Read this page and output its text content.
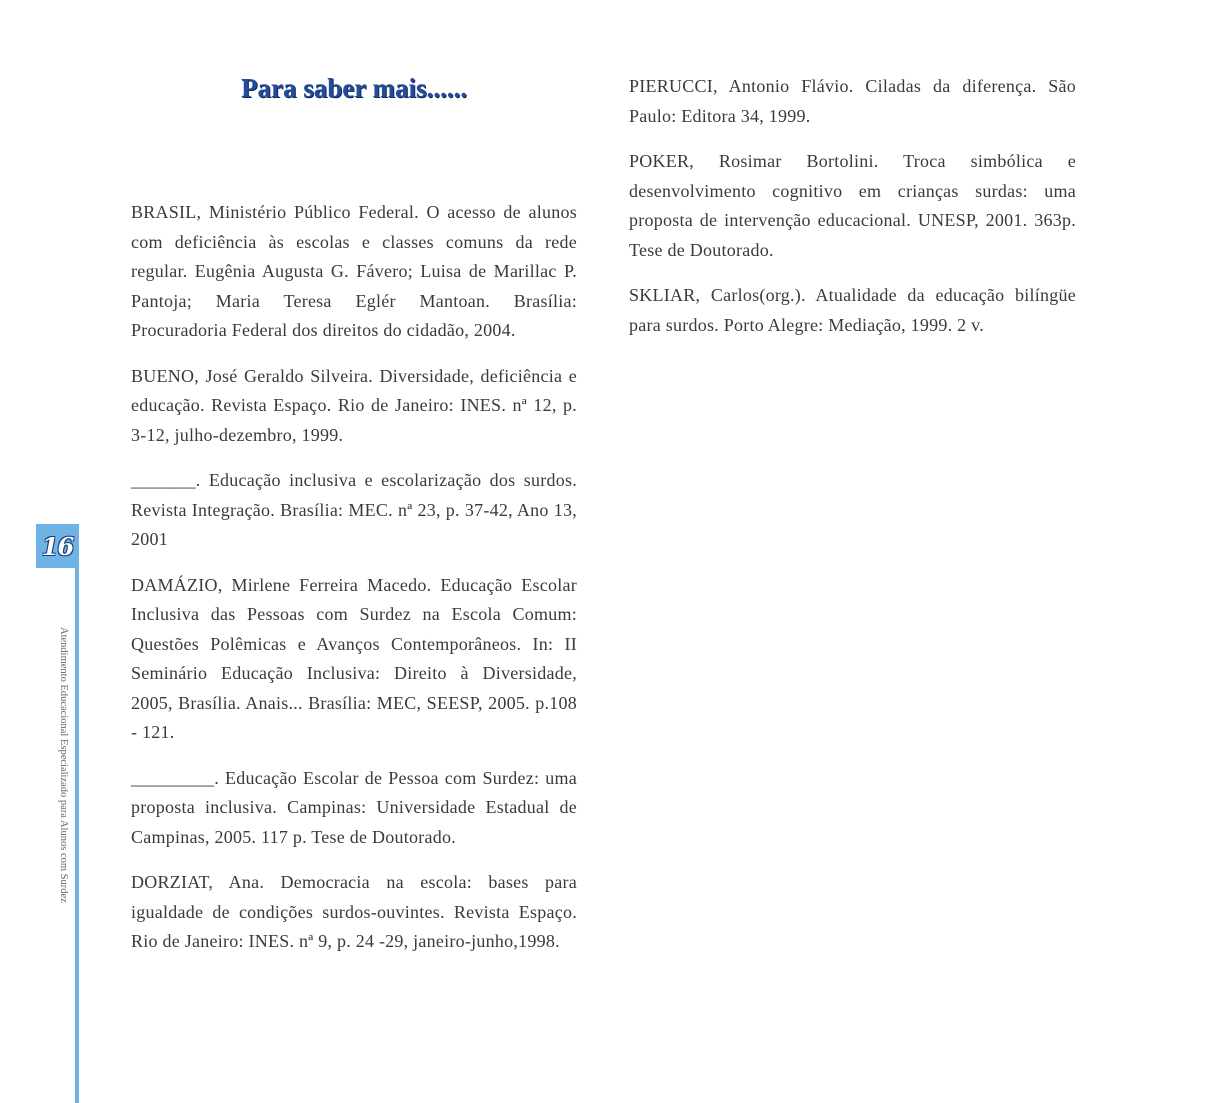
16
Atendimento Educacional Especializado para Alunos com Surdez
Para saber mais......

BRASIL, Ministério Público Federal. O acesso de alunos com deficiência às escolas e classes comuns da rede regular. Eugênia Augusta G. Fávero; Luisa de Marillac P. Pantoja; Maria Teresa Eglér Mantoan. Brasília: Procuradoria Federal dos direitos do cidadão, 2004.

BUENO, José Geraldo Silveira. Diversidade, deficiência e educação. Revista Espaço. Rio de Janeiro: INES. nª 12, p. 3-12, julho-dezembro, 1999.

_______. Educação inclusiva e escolarização dos surdos. Revista Integração. Brasília: MEC. nª 23, p. 37-42, Ano 13, 2001

DAMÁZIO, Mirlene Ferreira Macedo. Educação Escolar Inclusiva das Pessoas com Surdez na Escola Comum: Questões Polêmicas e Avanços Contemporâneos. In: II Seminário Educação Inclusiva: Direito à Diversidade, 2005, Brasília. Anais... Brasília: MEC, SEESP, 2005. p.108 - 121.

_________. Educação Escolar de Pessoa com Surdez: uma proposta inclusiva. Campinas: Universidade Estadual de Campinas, 2005. 117 p. Tese de Doutorado.

DORZIAT, Ana. Democracia na escola: bases para igualdade de condições surdos-ouvintes. Revista Espaço. Rio de Janeiro: INES. nª 9, p. 24 -29, janeiro-junho,1998.

PIERUCCI, Antonio Flávio. Ciladas da diferença. São Paulo: Editora 34, 1999.

POKER, Rosimar Bortolini. Troca simbólica e desenvolvimento cognitivo em crianças surdas: uma proposta de intervenção educacional. UNESP, 2001. 363p. Tese de Doutorado.

SKLIAR, Carlos(org.). Atualidade da educação bilíngüe para surdos. Porto Alegre: Mediação, 1999. 2 v.
